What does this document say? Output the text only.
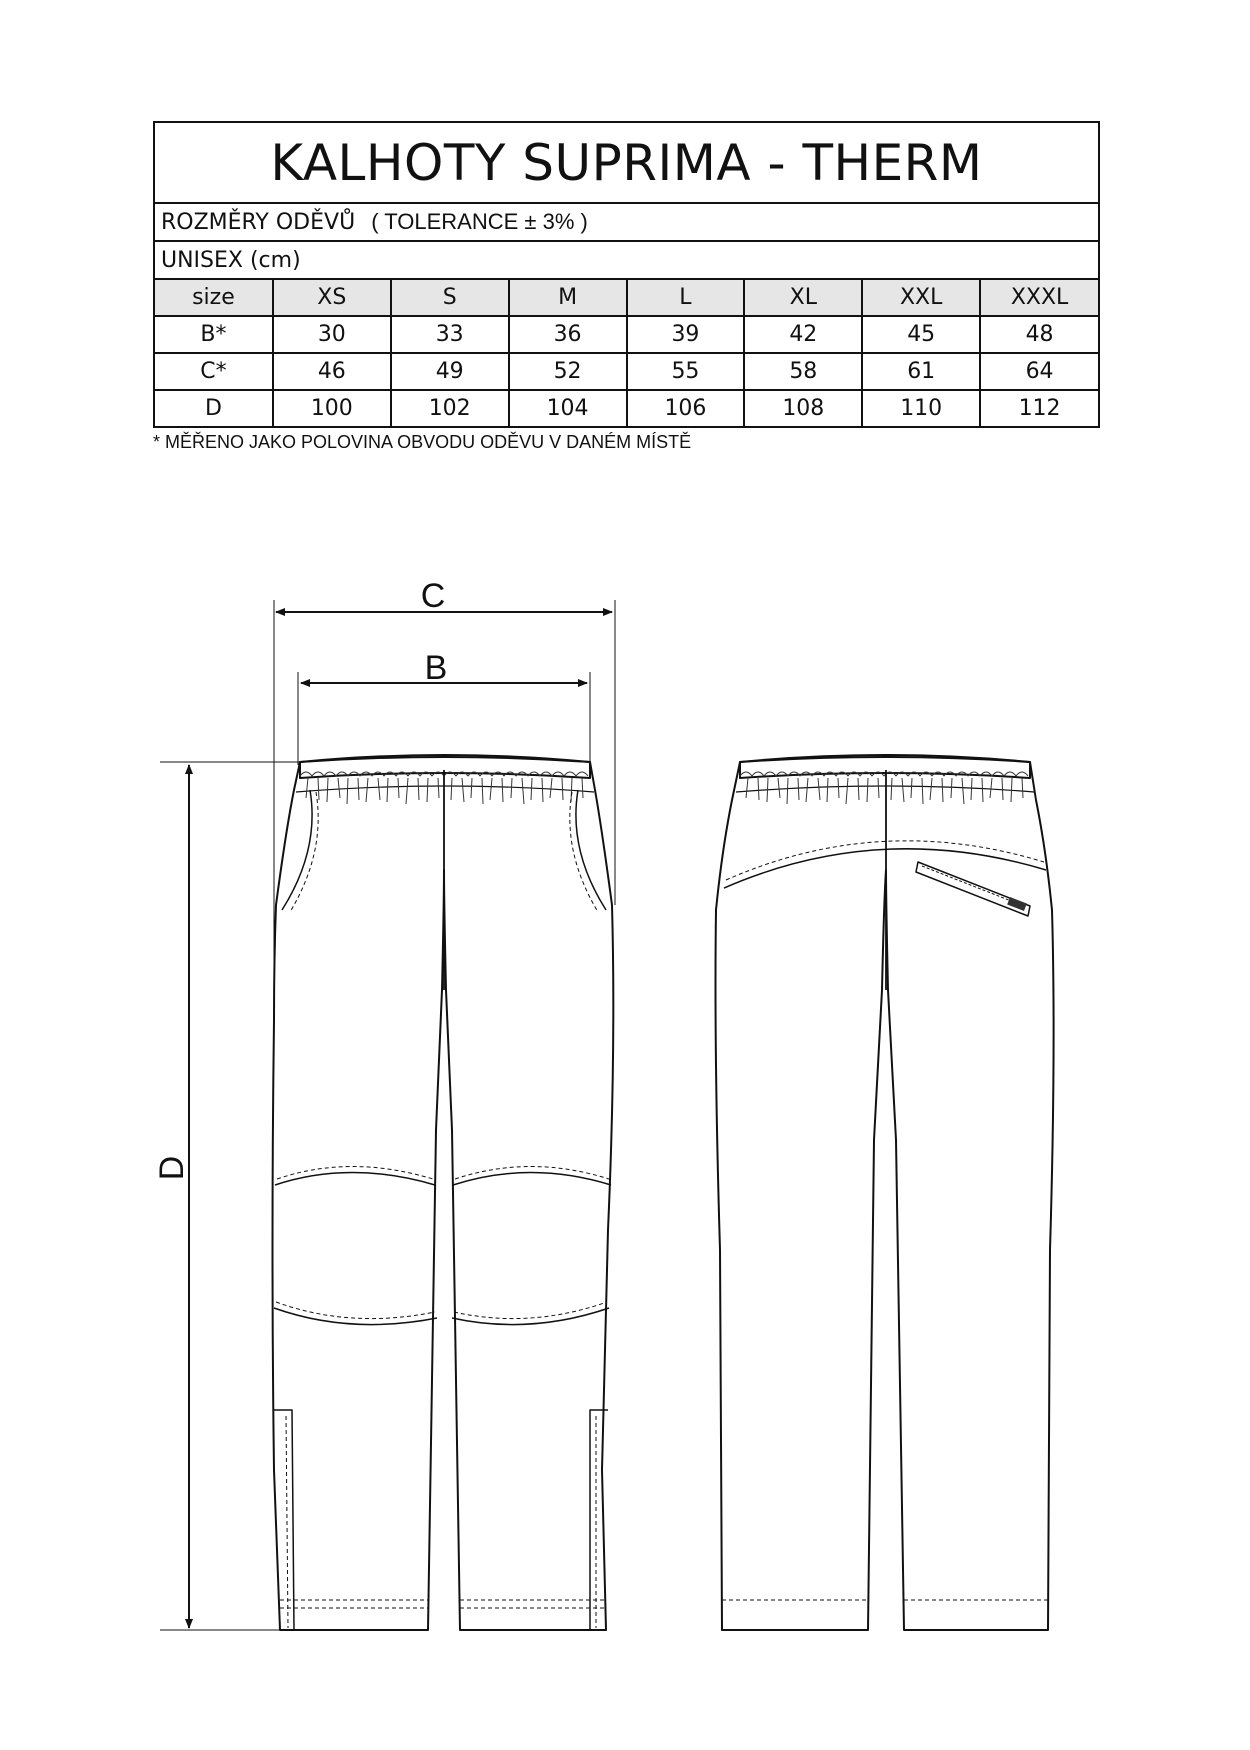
KALHOTY SUPRIMA - THERM
ROZMĚRY ODĚVŮ ( TOLERANCE ± 3% )
UNISEX (cm)
size	XS	S	M	L	XL	XXL	XXXL
B*	30	33	36	39	42	45	48
C*	46	49	52	55	58	61	64
D	100	102	104	106	108	110	112
* MĚŘENO JAKO POLOVINA OBVODU ODĚVU V DANÉM MÍSTĚ
C
B
D
